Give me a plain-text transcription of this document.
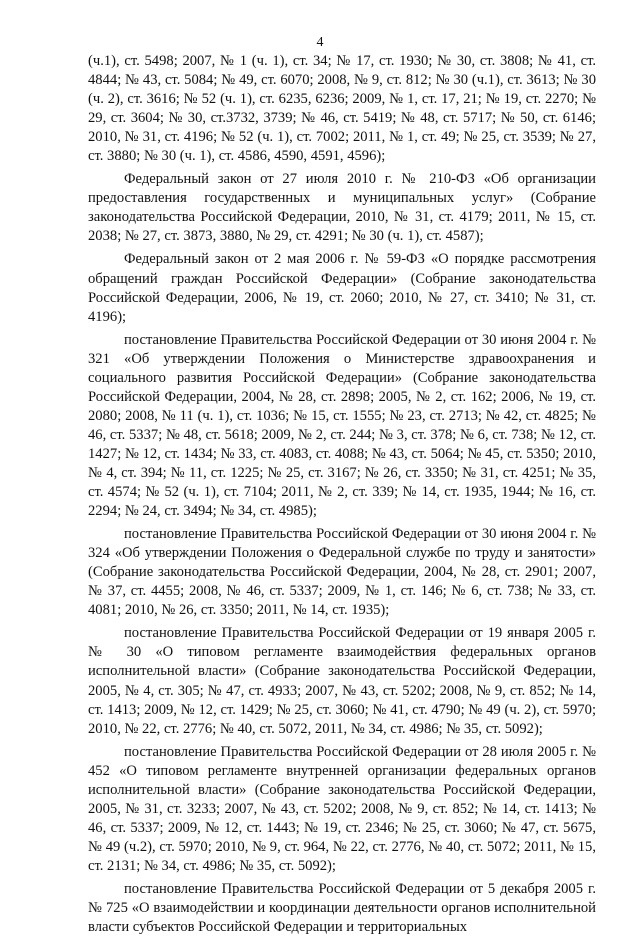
4

(ч.1), ст. 5498; 2007, № 1 (ч. 1), ст. 34; № 17, ст. 1930; № 30, ст. 3808; № 41, ст. 4844; № 43, ст. 5084; № 49, ст. 6070; 2008, № 9, ст. 812; № 30 (ч.1), ст. 3613; № 30 (ч. 2), ст. 3616; № 52 (ч. 1), ст. 6235, 6236; 2009, № 1, ст. 17, 21; № 19, ст. 2270; № 29, ст. 3604; № 30, ст.3732, 3739; № 46, ст. 5419; № 48, ст. 5717; № 50, ст. 6146; 2010, № 31, ст. 4196; № 52 (ч. 1), ст. 7002; 2011, № 1, ст. 49; № 25, ст. 3539; № 27, ст. 3880; № 30 (ч. 1), ст. 4586, 4590, 4591, 4596);

Федеральный закон от 27 июля 2010 г. № 210-ФЗ «Об организации предоставления государственных и муниципальных услуг» (Собрание законодательства Российской Федерации, 2010, № 31, ст. 4179; 2011, № 15, ст. 2038; № 27, ст. 3873, 3880, № 29, ст. 4291; № 30 (ч. 1), ст. 4587);

Федеральный закон от 2 мая 2006 г. № 59-ФЗ «О порядке рассмотрения обращений граждан Российской Федерации» (Собрание законодательства Российской Федерации, 2006, № 19, ст. 2060; 2010, № 27, ст. 3410; № 31, ст. 4196);

постановление Правительства Российской Федерации от 30 июня 2004 г. № 321 «Об утверждении Положения о Министерстве здравоохранения и социального развития Российской Федерации» (Собрание законодательства Российской Федерации, 2004, № 28, ст. 2898; 2005, № 2, ст. 162; 2006, № 19, ст. 2080; 2008, № 11 (ч. 1), ст. 1036; № 15, ст. 1555; № 23, ст. 2713; № 42, ст. 4825; № 46, ст. 5337; № 48, ст. 5618; 2009, № 2, ст. 244; № 3, ст. 378; № 6, ст. 738; № 12, ст. 1427; № 12, ст. 1434; № 33, ст. 4083, ст. 4088; № 43, ст. 5064; № 45, ст. 5350; 2010, № 4, ст. 394; № 11, ст. 1225; № 25, ст. 3167; № 26, ст. 3350; № 31, ст. 4251; № 35, ст. 4574; № 52 (ч. 1), ст. 7104; 2011, № 2, ст. 339; № 14, ст. 1935, 1944; № 16, ст. 2294; № 24, ст. 3494; № 34, ст. 4985);

постановление Правительства Российской Федерации от 30 июня 2004 г. № 324 «Об утверждении Положения о Федеральной службе по труду и занятости» (Собрание законодательства Российской Федерации, 2004, № 28, ст. 2901; 2007, № 37, ст. 4455; 2008, № 46, ст. 5337; 2009, № 1, ст. 146; № 6, ст. 738; № 33, ст. 4081; 2010, № 26, ст. 3350; 2011, № 14, ст. 1935);

постановление Правительства Российской Федерации от 19 января 2005 г. № 30 «О типовом регламенте взаимодействия федеральных органов исполнительной власти» (Собрание законодательства Российской Федерации, 2005, № 4, ст. 305; № 47, ст. 4933; 2007, № 43, ст. 5202; 2008, № 9, ст. 852; № 14, ст. 1413; 2009, № 12, ст. 1429; № 25, ст. 3060; № 41, ст. 4790; № 49 (ч. 2), ст. 5970; 2010, № 22, ст. 2776; № 40, ст. 5072, 2011, № 34, ст. 4986; № 35, ст. 5092);

постановление Правительства Российской Федерации от 28 июля 2005 г. № 452 «О типовом регламенте внутренней организации федеральных органов исполнительной власти» (Собрание законодательства Российской Федерации, 2005, № 31, ст. 3233; 2007, № 43, ст. 5202; 2008, № 9, ст. 852; № 14, ст. 1413; № 46, ст. 5337; 2009, № 12, ст. 1443; № 19, ст. 2346; № 25, ст. 3060; № 47, ст. 5675, № 49 (ч.2), ст. 5970; 2010, № 9, ст. 964, № 22, ст. 2776, № 40, ст. 5072; 2011, № 15, ст. 2131; № 34, ст. 4986; № 35, ст. 5092);

постановление Правительства Российской Федерации от 5 декабря 2005 г. № 725 «О взаимодействии и координации деятельности органов исполнительной власти субъектов Российской Федерации и территориальных
